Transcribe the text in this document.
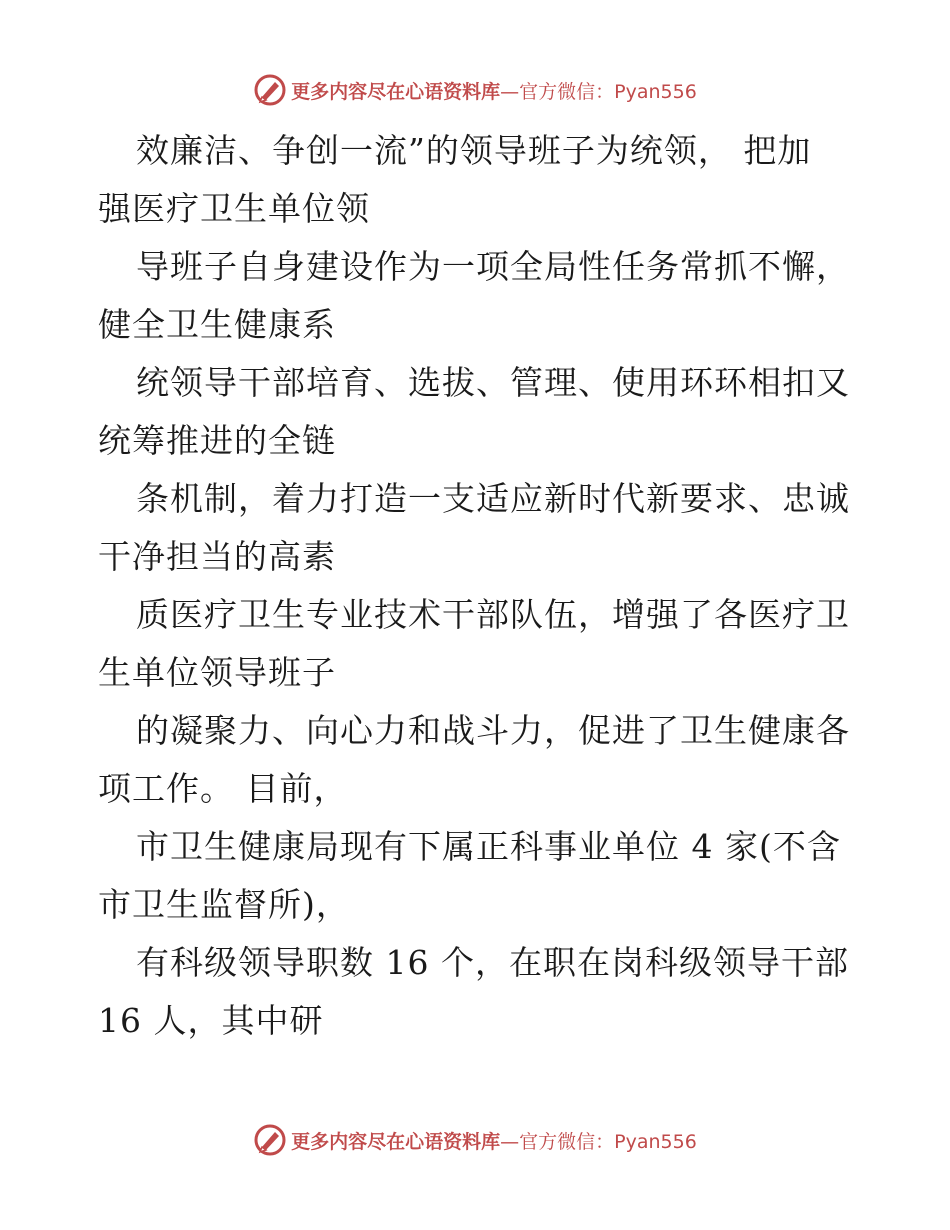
更多内容尽在心语资料库—官方微信：Pyan556
效廉洁、争创一流”的领导班子为统领， 把加
强医疗卫生单位领
导班子自身建设作为一项全局性任务常抓不懈，
健全卫生健康系
统领导干部培育、选拔、管理、使用环环相扣又
统筹推进的全链
条机制，着力打造一支适应新时代新要求、忠诚
干净担当的高素
质医疗卫生专业技术干部队伍，增强了各医疗卫
生单位领导班子
的凝聚力、向心力和战斗力，促进了卫生健康各
项工作。 目前，
市卫生健康局现有下属正科事业单位 4 家(不含
市卫生监督所)，
有科级领导职数 16 个，在职在岗科级领导干部
16 人，其中研
更多内容尽在心语资料库—官方微信：Pyan556
